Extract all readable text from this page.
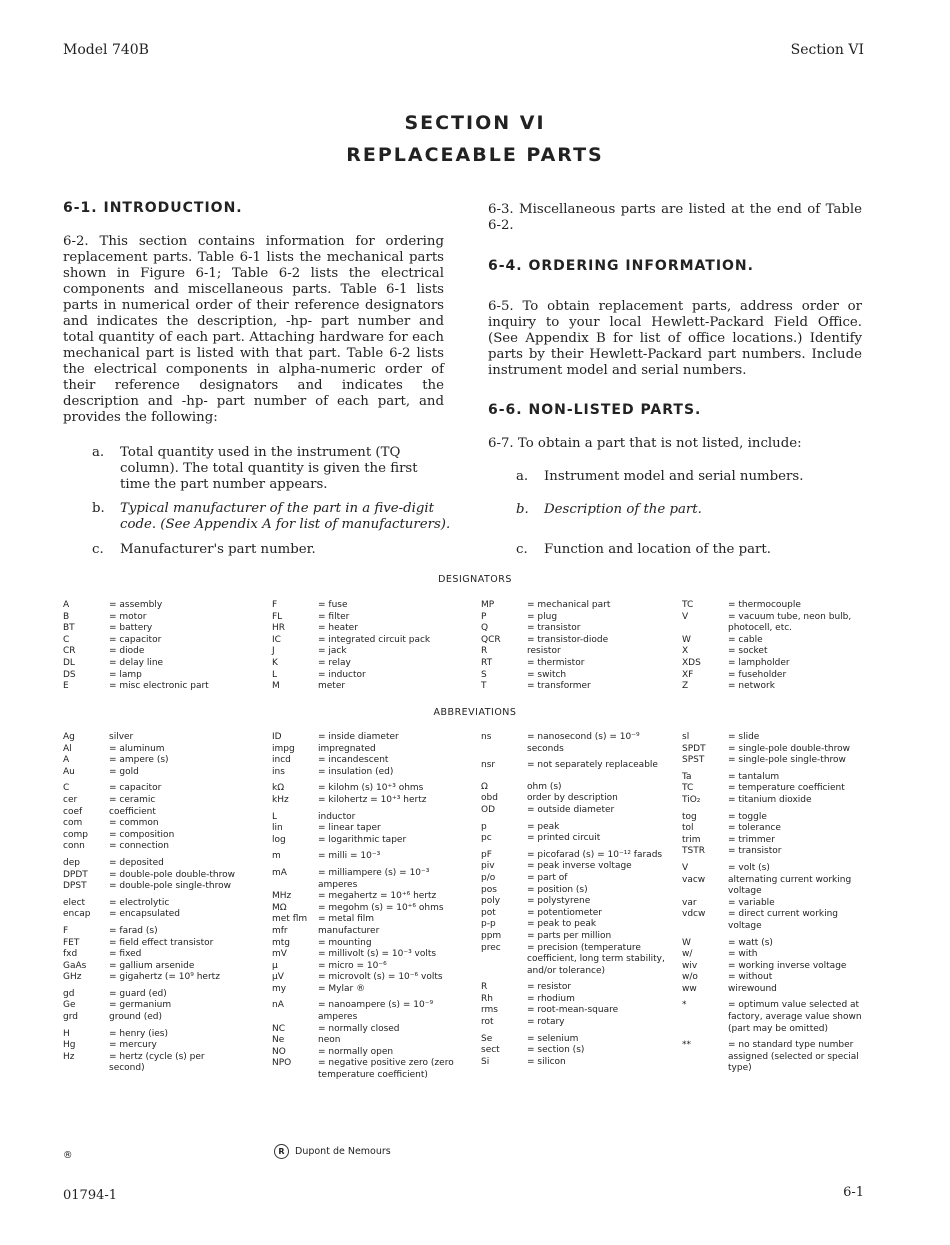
Model 740B	Section VI
SECTION VI
REPLACEABLE PARTS
6-1. INTRODUCTION.
6-2. This section contains information for ordering replacement parts. Table 6-1 lists the mechanical parts shown in Figure 6-1; Table 6-2 lists the electrical components and miscellaneous parts. Table 6-1 lists parts in numerical order of their reference designators and indicates the description, -hp- part number and total quantity of each part. Attaching hardware for each mechanical part is listed with that part. Table 6-2 lists the electrical components in alpha-numeric order of their reference designators and indicates the description and -hp- part number of each part, and provides the following:
a. Total quantity used in the instrument (TQ column). The total quantity is given the first time the part number appears.
b. Typical manufacturer of the part in a five-digit code. (See Appendix A for list of manufacturers).
c. Manufacturer's part number.
6-3. Miscellaneous parts are listed at the end of Table 6-2.
6-4. ORDERING INFORMATION.
6-5. To obtain replacement parts, address order or inquiry to your local Hewlett-Packard Field Office. (See Appendix B for list of office locations.) Identify parts by their Hewlett-Packard part numbers. Include instrument model and serial numbers.
6-6. NON-LISTED PARTS.
6-7. To obtain a part that is not listed, include:
a. Instrument model and serial numbers.
b. Description of the part.
c. Function and location of the part.
DESIGNATORS
A	= assembly
B	= motor
BT	= battery
C	= capacitor
CR	= diode
DL	= delay line
DS	= lamp
E	= misc electronic part
F	= fuse
FL	= filter
HR	= heater
IC	= integrated circuit pack
J	= jack
K	= relay
L	= inductor
M	meter
MP	= mechanical part
P	= plug
Q	= transistor
QCR	= transistor-diode
R	resistor
RT	= thermistor
S	= switch
T	= transformer
TC	= thermocouple
V	= vacuum tube, neon bulb, photocell, etc.
W	= cable
X	= socket
XDS	= lampholder
XF	= fuseholder
Z	= network
ABBREVIATIONS
Ag	silver
Al	= aluminum
A	= ampere (s)
Au	= gold
C	= capacitor
cer	= ceramic
coef	coefficient
com	= common
comp = composition
conn	= connection
dep	= deposited
DPDT = double-pole double-throw
DPST = double-pole single-throw
elect	= electrolytic
encap = encapsulated
F	= farad (s)
FET	= field effect transistor
fxd	= fixed
GaAs	= gallium arsenide
GHz	= gigahertz (= 10⁹ hertz
gd	= guard (ed)
Ge	= germanium
grd	ground (ed)
H	= henry (ies)
Hg	= mercury
Hz	= hertz (cycle (s) per second)
ID	= inside diameter
impg	impregnated
incd	= incandescent
ins	= insulation (ed)
kΩ	= kilohm (s) 10⁺³ ohms
kHz	= kilohertz = 10⁺³ hertz
L	inductor
lin	= linear taper
log	= logarithmic taper
m	= milli = 10⁻³
mA	= milliampere (s) = 10⁻³ amperes
MHz	= megahertz = 10⁺⁶ hertz
MΩ	= megohm (s) = 10⁺⁶ ohms
met flm = metal film
mfr	manufacturer
mtg	= mounting
mV	= millivolt (s) = 10⁻³ volts
μ	= micro = 10⁻⁶
μV	= microvolt (s) = 10⁻⁶ volts
my	= Mylar ®
nA	= nanoampere (s) = 10⁻⁹ amperes
NC	= normally closed
Ne	neon
NO	= normally open
NPO	= negative positive zero (zero temperature coefficient)
ns	= nanosecond (s) = 10⁻⁹ seconds
nsr	= not separately replaceable
Ω	ohm (s)
obd	order by description
OD	= outside diameter
p	= peak
pc	= printed circuit
pF	= picofarad (s) = 10⁻¹² farads
piv	= peak inverse voltage
p/o	= part of
pos	= position (s)
poly	= polystyrene
pot	= potentiometer
p-p	= peak to peak
ppm	= parts per million
prec	= precision (temperature coefficient, long term stability, and/or tolerance)
R	= resistor
Rh	= rhodium
rms	= root-mean-square
rot	= rotary
Se	= selenium
sect	= section (s)
Si	= silicon
sl	= slide
SPDT = single-pole double-throw
SPST	= single-pole single-throw
Ta	= tantalum
TC	= temperature coefficient
TiO₂	= titanium dioxide
tog	= toggle
tol	= tolerance
trim	= trimmer
TSTR	= transistor
V	= volt (s)
vacw	alternating current working voltage
var	= variable
vdcw	= direct current working voltage
W	= watt (s)
w/	= with
wiv	= working inverse voltage
w/o	= without
ww	wirewound
*	= optimum value selected at factory, average value shown (part may be omitted)
**	= no standard type number assigned (selected or special type)
®	R Dupont de Nemours
01794-1	6-1
